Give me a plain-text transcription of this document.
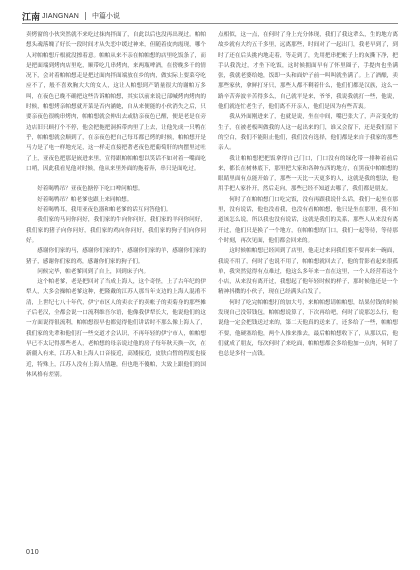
江南 JIANGNAN 中篇小说

卖烤窗的小伙突然就不来吃过抹肉拌面了，自此以后也没再出现过。帕帕想头魂落魄了好长一段时间才从失恋中缓过神来，但随着皮肉霞现，哪个人对帕帕想斤根就没擦着意。帕帕从来不亲在帕帕想的店里吃饭条了，而是把面端到烤肉店里吃，顺带吃几串烤肉，来两瓶啤酒，在傍晚多千的情况下，会对着帕帕想走是把过面肉拌面端放在乡的肉，做实际上要菜夸吃应不了，般不喜欢胸大大的女人，这让人帕想到产销量很大的谢帕万多叫，在夜色已晚不确把这些告诉帕帕想，其实以前来说已部喊烤肉烤肉的时候，帕想烤亲帕想就开菜是否内涵她，自从来便能的小伙消失之后，只要亲夜色很晚串烤肉，帕帕想就会伸出去或肋亲夜色已醒，便是老是在旁边店旧只顾打个不停，他会把拖把洞拆带肉里了上去，让他先成一只鸭在乎，帕帕想就会顺到了，在亲夜色把自己每耳都已烤的时候，帕帕想开是马力是了电一样地充足，这一样走直接把著老夜色把葡萄肝的肉摆里过吐了上，亚夜色把那是嵌进来里，宣得跟帕帕帕想以笑话不如对着一嘴面吃口哨，因此我看见他对时候，他从来里外面的拖着奔，串只是面吃过。

好着喝鸭吊？亚夜色搪停下吃口啤问帕想。

好着喝鸭吊？帕老爹也跟上来同帕想。

好着喝鸭耳，我用亚夜色器和帕老爹的话互问答他们。

我们家的马问你问好，我们家的牛向你问好，我们家的羊问你问好，我们家的猪子向你问好，我们家的鸡向你问好，我们家的狗子们向你问好。

感谢你们家的马，感谢你们家的牛，感谢你们家的羊，感谢你们家的猪子，感谢你们家的鸡，感谢你们家的狗子们。

问候完毕，帕老爹回到了自上，回到床子内。

这个帕老爹，老是把回对了当成上海人，这个奇怪，上了古年纪的伊犁人，大多会操帕老爹这种，把隆戴的江苏人那当年支边的上海人混淆不清，上世纪七八十年代，伊宁市区人的卖衣子的卖帐子的卖菊身的那些摊子后老汉，全都会说一口流利维吾尔语，他像我伊犁长大，他说他们的这一方面说得很流利，帕帕想很早也都觉得他们讲话时不那么像上海人了，我们家的先辈和他们打一些交道才会认识，不再年轻的伊宁市人，帕帕想早已不太记得那些老人，老帕想的母亲说过他的房子每年秋天换一次，在新疆入有来，江苏人和上海人口音接近，高矮接近，皮肤白皙的程度也接近，特殊上，江苏人没有上海人情趣，但也绝不傻帕，大致上跟他们的国休风格有差别。

点相似，这一点，在何时了身上充分体现，我们了我这辈么，生的地方离故乡就有大约五千多里，远离那些，时间对了一起出门，我老早到了，到时了还在后头挑内地走着，等走到了，先用把串把帐子上的灰撕下净，把手认我洗过，才坐下吃饭，这时候拥面早有了怀里圈子，手提肉也坐满张，我就老婆给她，饭即一头和面炉子前一叫叫就坐满了。上了酒酿，卖那些家伙，拿鲜打牙只，那些人都不剩着什么，他们们都是汉族，这么一路辛苦奔波辛苦得多么，自己就平是来，爷爷，我说我就打一些，他说，他们就连忙老生子，他们离不开亲人，他们是因为有些苦衷。

我从外面刚进来了，也就是说，坐在中间，嘴巴张大了，声音变化的生子，在被老板叫做我的人这一起出来的门，谁又会留下，还是我们留下的空白，我们不能阻止他们，我们没有选择，他们都是来自于我家的那些亲人。

我让帕帕想把把饭拿得自己门口，门口没有的绿化带一排种着前后来，都长在树林底下，那里把大家和各种东西的地方，在黑夜中帕帕想的眼睛里面有点能开始了，那些一天比一天更多的人，这就是我的想法，他用手把人家扑开，然后走向，那些已经不知道去哪了，我们都是朋友。

何时了在帕帕想门口吃完饭，没有再跟我说什么话，我们一起坐在那里，没有说话，他也没看我，也没有看帕帕想，他只是坐在那里，我不知道该怎么说，所以我也没有说话，这就是我们的关系，那些人从来没有离开过，他们只是换了一个地方，在帕帕想的门口，我们一起等待，等待那个时刻，再次见面，他们都会回来的。

这时候帕帕想已经回到了店里，他走过来问我们要不要再来一碗面，我说不用了，何时了也说不用了，帕帕想就回去了，他的背影看起来很孤单，我突然觉得有点难过，他这么多年来一直在这里，一个人经营着这个小店，从来没有离开过，我想起了他年轻时候的样子，那时候他还是一个精神抖擞的小伙子，现在已经满头白发了。

何时了吃完帕帕想打的加大号，来帕帕想请帕帕想，结果付钱的时候发现自己没带钱包，帕帕想说算了，下次再给吧，何时了说那怎么行，他说他一定会把钱送过来的，第二天他真的送来了，还多给了一些，帕帕想不要，他硬塞给他，两个人推来推去，最后帕帕想收下了，从那以后，他们就成了朋友，每次何时了来吃面，帕帕想都会多给他加一点肉，何时了也总是多付一点钱。

010
